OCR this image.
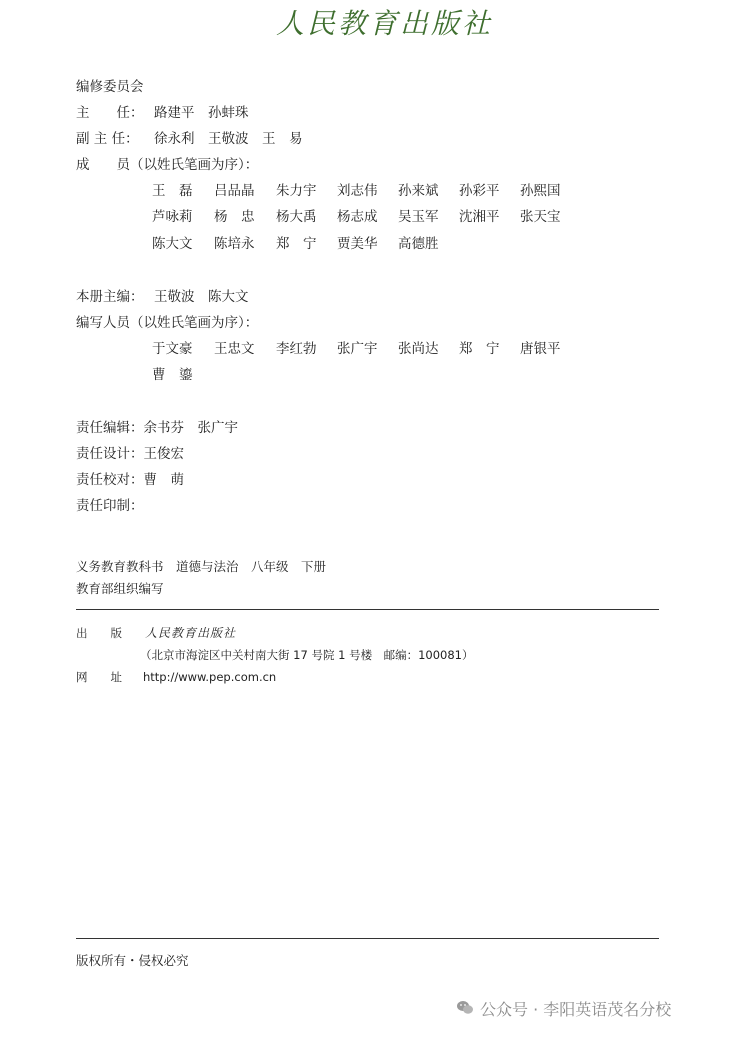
人民教育出版社
编修委员会
主　　任： 路建平　孙蚌珠
副 主 任： 徐永利　王敬波　王　易
成　　员（以姓氏笔画为序）：
王　磊	吕品晶	朱力宇	刘志伟	孙来斌	孙彩平	孙熙国
芦咏莉	杨　忠	杨大禹	杨志成	吴玉军	沈湘平	张天宝
陈大文	陈培永	郑　宁	贾美华	高德胜
本册主编： 王敬波　陈大文
编写人员（以姓氏笔画为序）：
于文豪	王忠文	李红勃	张广宇	张尚达	郑　宁	唐银平
曹　鎏
责任编辑：余书芬　张广宇
责任设计：王俊宏
责任校对：曹　萌
责任印制：
义务教育教科书　道德与法治　八年级　下册
教育部组织编写
出　　版 人民教育出版社
（北京市海淀区中关村南大街 17 号院 1 号楼　邮编：100081）
网　　址 http://www.pep.com.cn
版权所有・侵权必究
公众号 · 李阳英语茂名分校
